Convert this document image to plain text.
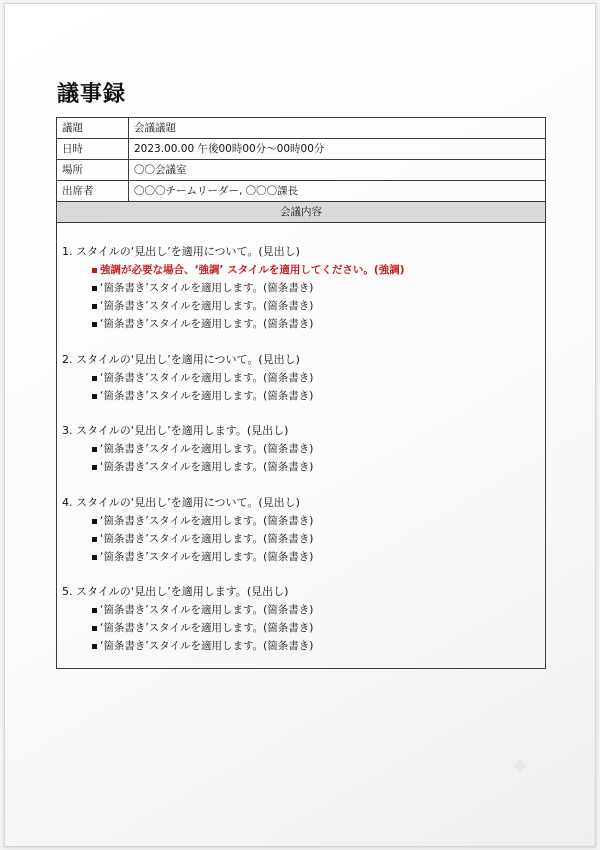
議事録
議題	会議議題
日時	2023.00.00 午後00時00分～00時00分
場所	〇〇会議室
出席者	〇〇〇チームリーダー, 〇〇〇課長
会議内容	
1. スタイルの‘見出し’を適用について。(見出し)
強調が必要な場合、‘強調’ スタイルを適用してください。(強調)
‘箇条書き’スタイルを適用します。(箇条書き)
‘箇条書き’スタイルを適用します。(箇条書き)
‘箇条書き’スタイルを適用します。(箇条書き)
2. スタイルの‘見出し’を適用について。(見出し)
‘箇条書き’スタイルを適用します。(箇条書き)
‘箇条書き’スタイルを適用します。(箇条書き)
3. スタイルの‘見出し’を適用します。(見出し)
‘箇条書き’スタイルを適用します。(箇条書き)
‘箇条書き’スタイルを適用します。(箇条書き)
4. スタイルの‘見出し’を適用について。(見出し)
‘箇条書き’スタイルを適用します。(箇条書き)
‘箇条書き’スタイルを適用します。(箇条書き)
‘箇条書き’スタイルを適用します。(箇条書き)
5. スタイルの‘見出し’を適用します。(見出し)
‘箇条書き’スタイルを適用します。(箇条書き)
‘箇条書き’スタイルを適用します。(箇条書き)
‘箇条書き’スタイルを適用します。(箇条書き)
